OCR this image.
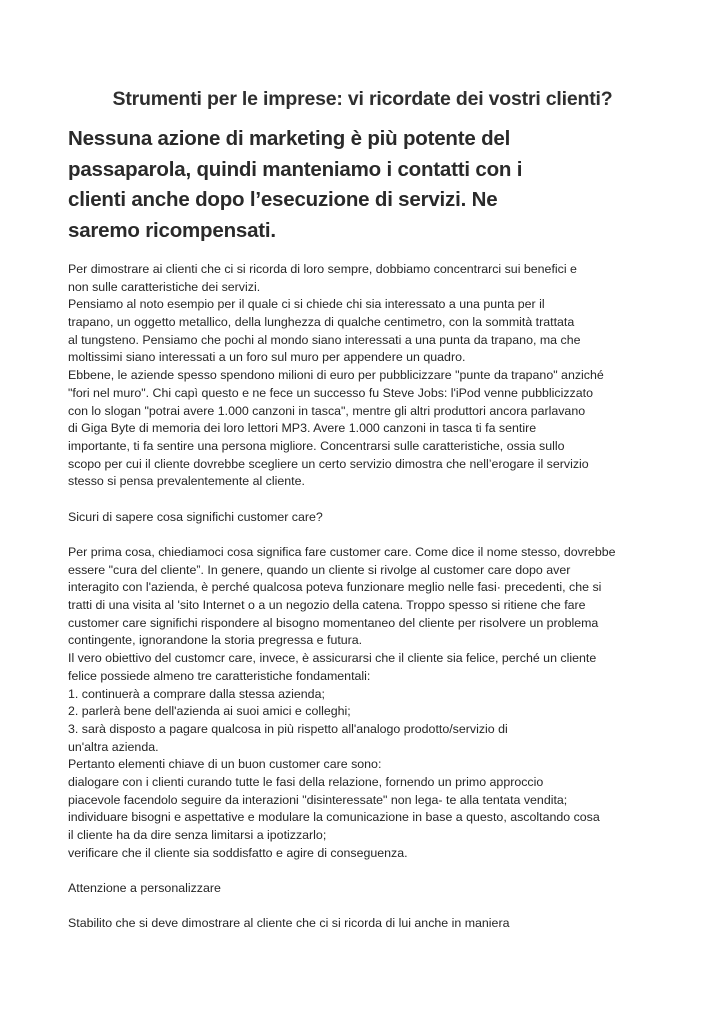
Strumenti per le imprese: vi ricordate dei vostri clienti?
Nessuna azione di marketing è più potente del
passaparola, quindi manteniamo i contatti con i
clienti anche dopo l’esecuzione di servizi. Ne
saremo ricompensati.
Per dimostrare ai clienti che ci si ricorda di loro sempre, dobbiamo concentrarci sui benefici e
non sulle caratteristiche dei servizi.
Pensiamo al noto esempio per il quale ci si chiede chi sia interessato a una punta per il
trapano, un oggetto metallico, della lunghezza di qualche centimetro, con la sommità trattata
al tungsteno. Pensiamo che pochi al mondo siano interessati a una punta da trapano, ma che
moltissimi siano interessati a un foro sul muro per appendere un quadro.
Ebbene, le aziende spesso spendono milioni di euro per pubblicizzare "punte da trapano" anziché
"fori nel muro". Chi capì questo e ne fece un successo fu Steve Jobs: l'iPod venne pubblicizzato
con lo slogan "potrai avere 1.000 canzoni in tasca", mentre gli altri produttori ancora parlavano
di Giga Byte di memoria dei loro lettori MP3. Avere 1.000 canzoni in tasca ti fa sentire
importante, ti fa sentire una persona migliore. Concentrarsi sulle caratteristiche, ossia sullo
scopo per cui il cliente dovrebbe scegliere un certo servizio dimostra che nell’erogare il servizio
stesso si pensa prevalentemente al cliente.
Sicuri di sapere cosa significhi customer care?
Per prima cosa, chiediamoci cosa significa fare customer care. Come dice il nome stesso, dovrebbe
essere "cura del cliente”. In genere, quando un cliente si rivolge al customer care dopo aver
interagito con l'azienda, è perché qualcosa poteva funzionare meglio nelle fasi· precedenti, che si
tratti di una visita al 'sito Internet o a un negozio della catena. Troppo spesso si ritiene che fare
customer care significhi rispondere al bisogno momentaneo del cliente per risolvere un problema
contingente, ignorandone la storia pregressa e futura.
Il vero obiettivo del customcr care, invece, è assicurarsi che il cliente sia felice, perché un cliente
felice possiede almeno tre caratteristiche fondamentali:
1. continuerà a comprare dalla stessa azienda;
2. parlerà bene dell'azienda ai suoi amici e colleghi;
3. sarà disposto a pagare qualcosa in più rispetto all'analogo prodotto/servizio di
un'altra azienda.
Pertanto elementi chiave di un buon customer care sono:
dialogare con i clienti curando tutte le fasi della relazione, fornendo un primo approccio
piacevole facendolo seguire da interazioni "disinteressate" non lega- te alla tentata vendita;
individuare bisogni e aspettative e modulare la comunicazione in base a questo, ascoltando cosa
il cliente ha da dire senza limitarsi a ipotizzarlo;
verificare che il cliente sia soddisfatto e agire di conseguenza.
Attenzione a personalizzare
Stabilito che si deve dimostrare al cliente che ci si ricorda di lui anche in maniera
